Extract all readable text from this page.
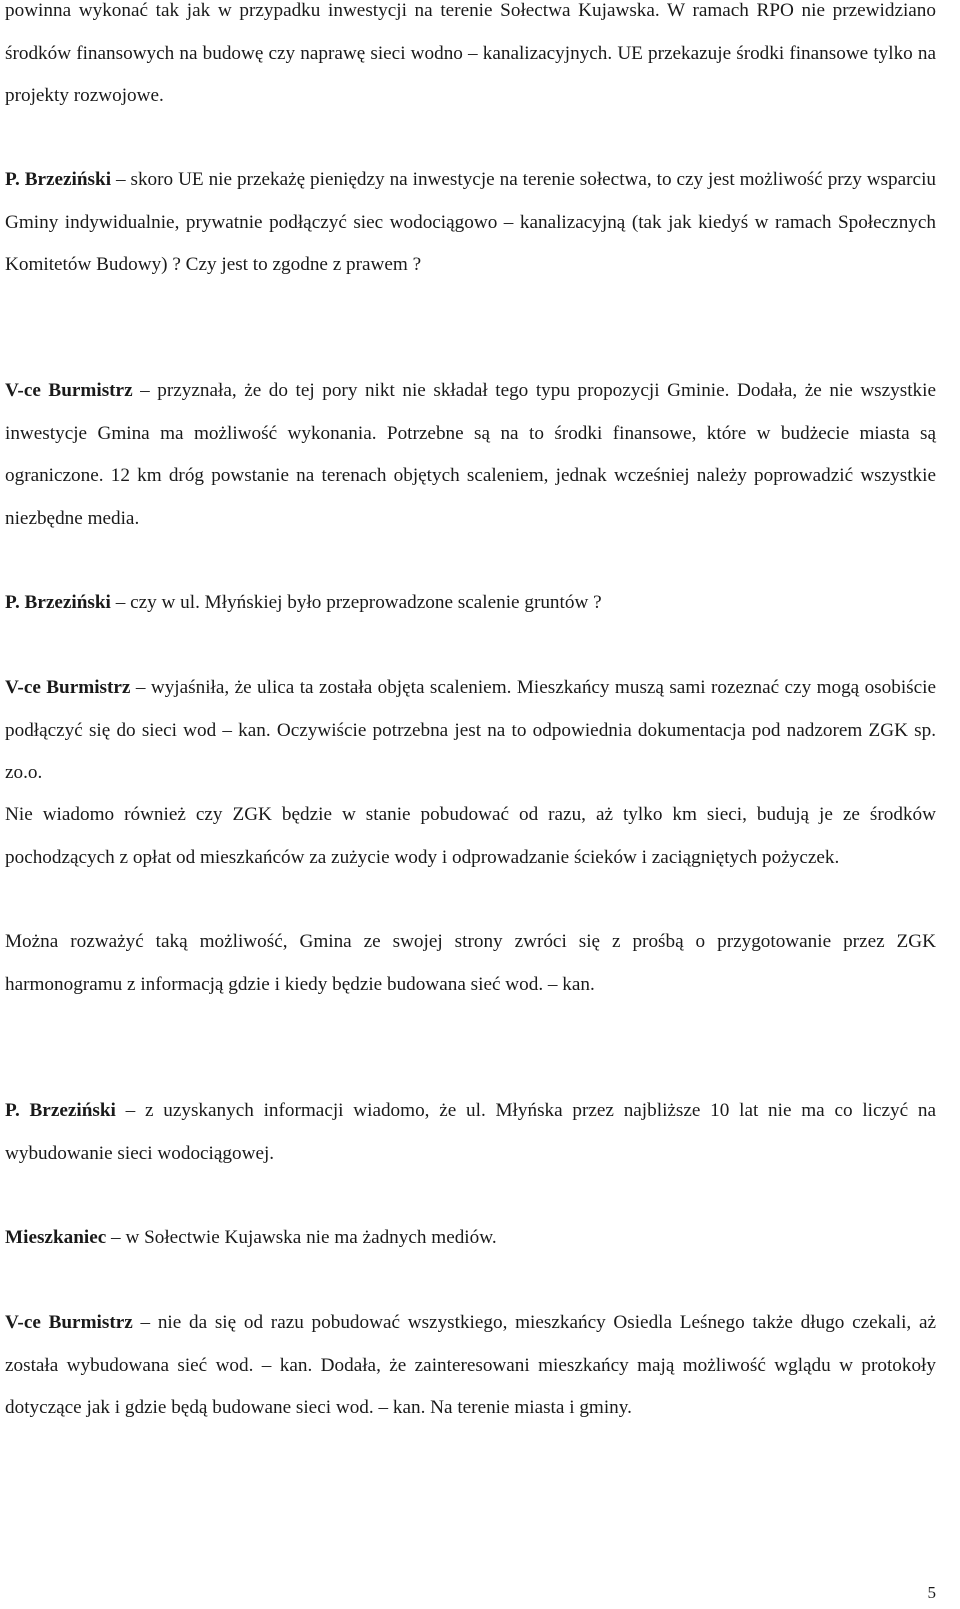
powinna wykonać tak jak w przypadku inwestycji na terenie Sołectwa Kujawska. W ramach RPO nie przewidziano środków finansowych na budowę czy naprawę sieci wodno – kanalizacyjnych. UE przekazuje środki finansowe tylko na projekty rozwojowe.

P. Brzeziński – skoro UE nie przekażę pieniędzy na inwestycje na terenie sołectwa, to czy jest możliwość przy wsparciu Gminy indywidualnie, prywatnie podłączyć siec wodociągowo – kanalizacyjną (tak jak kiedyś w ramach Społecznych Komitetów Budowy) ? Czy jest to zgodne z prawem ?

V-ce Burmistrz – przyznała, że do tej pory nikt nie składał tego typu propozycji Gminie. Dodała, że nie wszystkie inwestycje Gmina ma możliwość wykonania. Potrzebne są na to środki finansowe, które w budżecie miasta są ograniczone. 12 km dróg powstanie na terenach objętych scaleniem, jednak wcześniej należy poprowadzić wszystkie niezbędne media.

P. Brzeziński – czy w ul. Młyńskiej było przeprowadzone scalenie gruntów ?

V-ce Burmistrz – wyjaśniła, że ulica ta została objęta scaleniem. Mieszkańcy muszą sami rozeznać czy mogą osobiście podłączyć się do sieci wod – kan. Oczywiście potrzebna jest na to odpowiednia dokumentacja pod nadzorem ZGK sp. zo.o.

Nie wiadomo również czy ZGK będzie w stanie pobudować od razu, aż tylko km sieci, budują je ze środków pochodzących z opłat od mieszkańców za zużycie wody i odprowadzanie ścieków i zaciągniętych pożyczek.

Można rozważyć taką możliwość, Gmina ze swojej strony zwróci się z prośbą o przygotowanie przez ZGK harmonogramu z informacją gdzie i kiedy będzie budowana sieć wod. – kan.

P. Brzeziński – z uzyskanych informacji wiadomo, że ul. Młyńska przez najbliższe 10 lat nie ma co liczyć na wybudowanie sieci wodociągowej.

Mieszkaniec – w Sołectwie Kujawska nie ma żadnych mediów.

V-ce Burmistrz – nie da się od razu pobudować wszystkiego, mieszkańcy Osiedla Leśnego także długo czekali, aż została wybudowana sieć wod. – kan. Dodała, że zainteresowani mieszkańcy mają możliwość wglądu w protokoły dotyczące jak i gdzie będą budowane sieci wod. – kan. Na terenie miasta i gminy.

5
